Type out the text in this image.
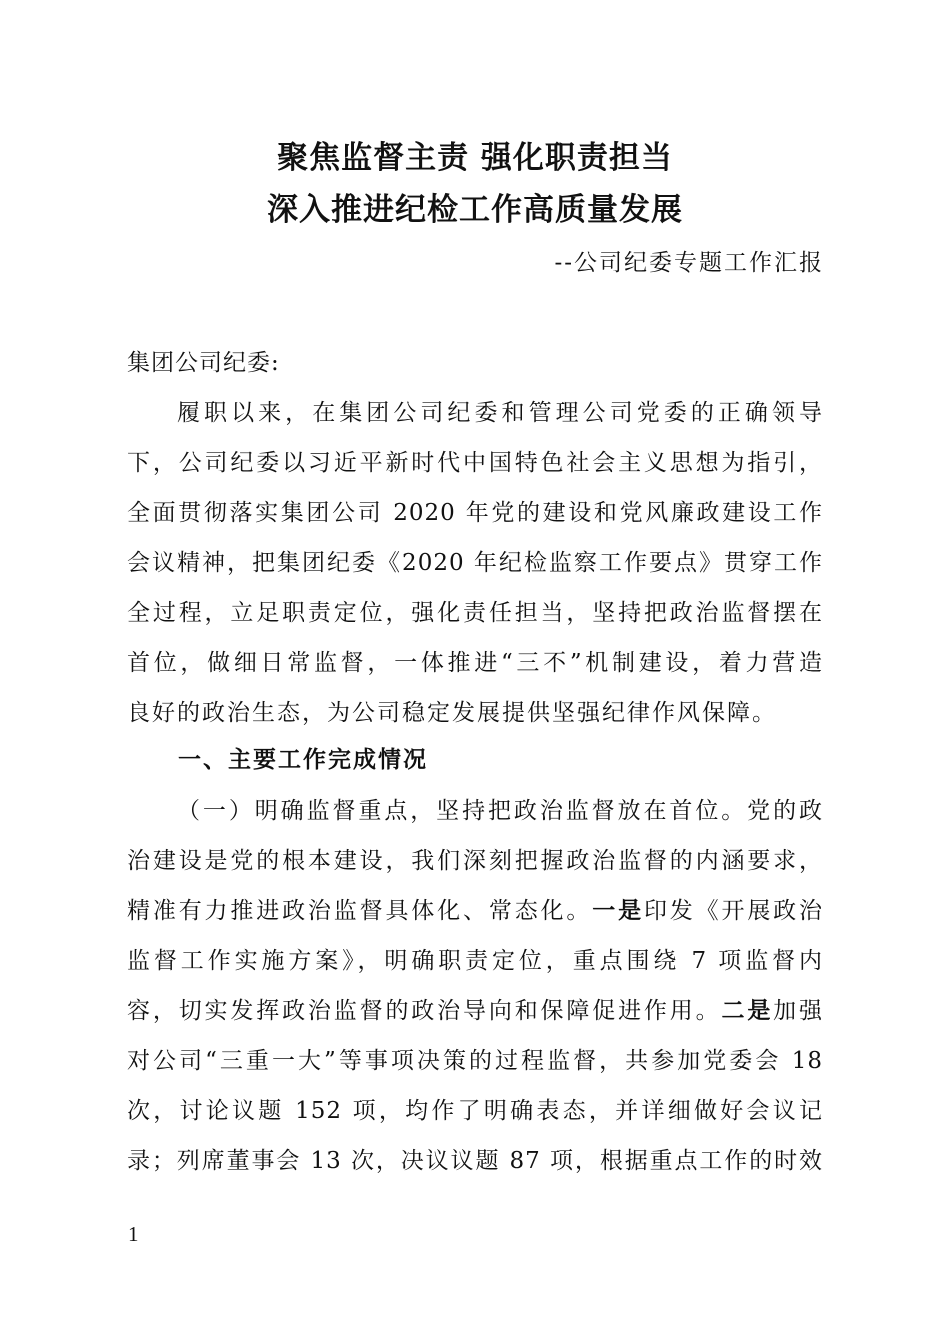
聚焦监督主责 强化职责担当
深入推进纪检工作高质量发展
--公司纪委专题工作汇报
集团公司纪委:
履职以来，在集团公司纪委和管理公司党委的正确领导
下，公司纪委以习近平新时代中国特色社会主义思想为指引，
全面贯彻落实集团公司 2020 年党的建设和党风廉政建设工作
会议精神，把集团纪委《2020 年纪检监察工作要点》贯穿工作
全过程，立足职责定位，强化责任担当，坚持把政治监督摆在
首位，做细日常监督，一体推进“三不”机制建设，着力营造
良好的政治生态，为公司稳定发展提供坚强纪律作风保障。
一、主要工作完成情况
（一）明确监督重点，坚持把政治监督放在首位。党的政
治建设是党的根本建设，我们深刻把握政治监督的内涵要求，
精准有力推进政治监督具体化、常态化。一是印发《开展政治
监督工作实施方案》，明确职责定位，重点围绕 7 项监督内
容，切实发挥政治监督的政治导向和保障促进作用。二是加强
对公司“三重一大”等事项决策的过程监督，共参加党委会 18
次，讨论议题 152 项，均作了明确表态，并详细做好会议记
录；列席董事会 13 次，决议议题 87 项，根据重点工作的时效
1
